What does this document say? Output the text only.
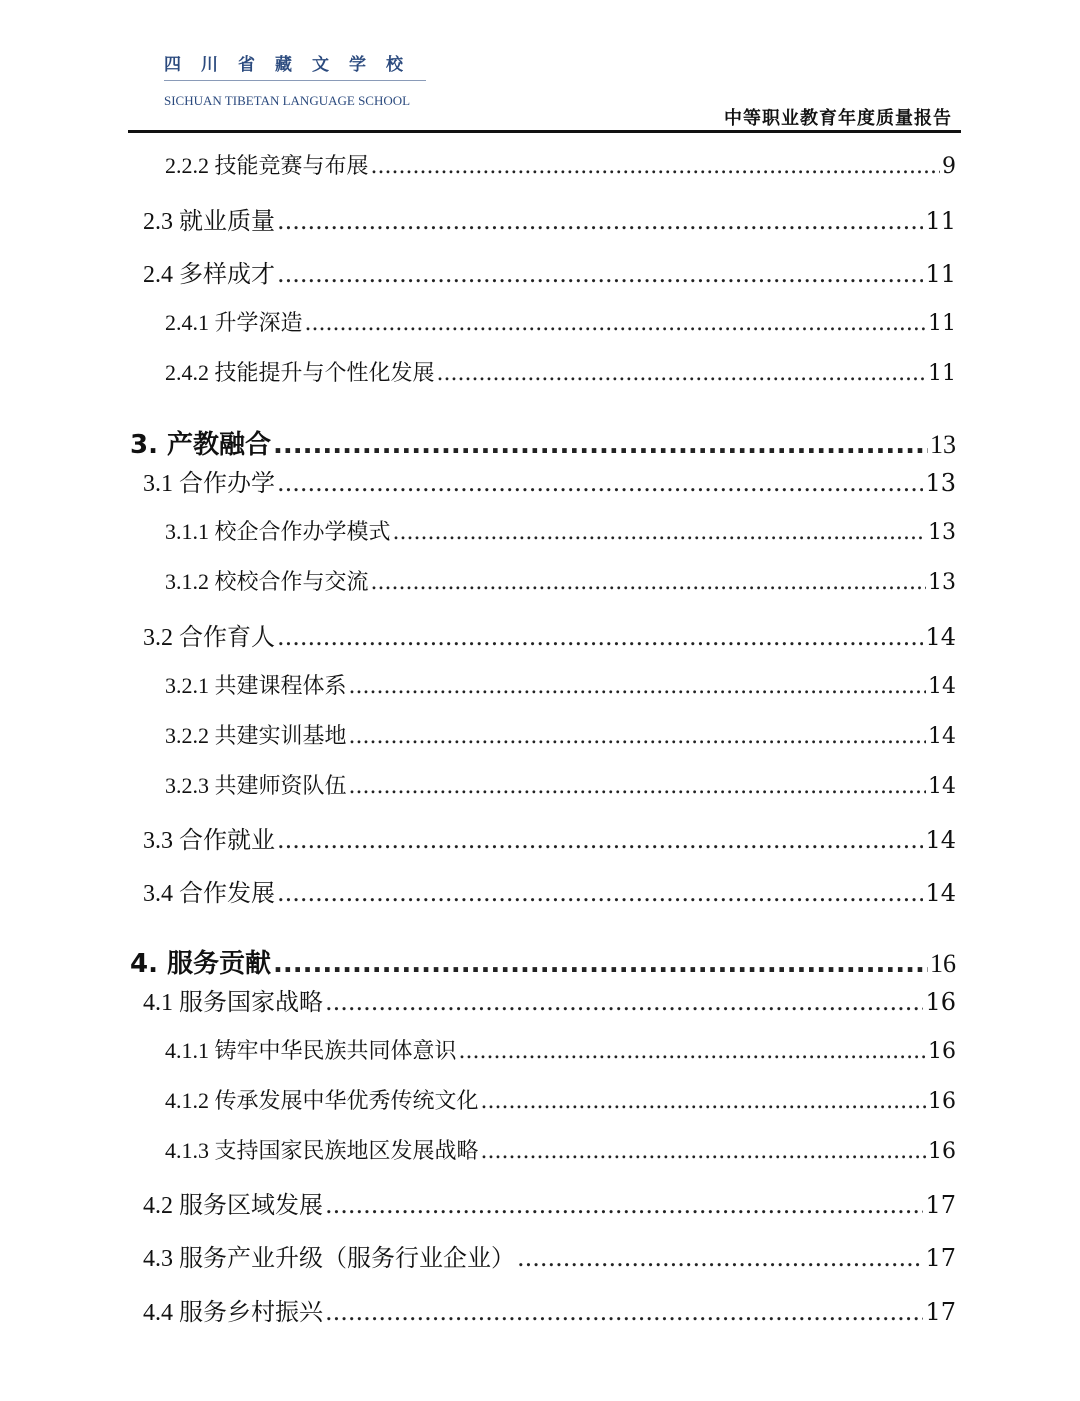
四川省藏文学校
SICHUAN TIBETAN LANGUAGE SCHOOL
中等职业教育年度质量报告
2.2.2 技能竞赛与布展 .....	9
2.3 就业质量 .....	11
2.4 多样成才 .....	11
2.4.1 升学深造 .....	11
2.4.2 技能提升与个性化发展 .....	11
3. 产教融合 .....	13
3.1 合作办学 .....	13
3.1.1 校企合作办学模式 .....	13
3.1.2 校校合作与交流 .....	13
3.2 合作育人 .....	14
3.2.1 共建课程体系 .....	14
3.2.2 共建实训基地 .....	14
3.2.3 共建师资队伍 .....	14
3.3 合作就业 .....	14
3.4 合作发展 .....	14
4. 服务贡献 .....	16
4.1 服务国家战略 .....	16
4.1.1 铸牢中华民族共同体意识 .....	16
4.1.2 传承发展中华优秀传统文化 .....	16
4.1.3 支持国家民族地区发展战略 .....	16
4.2 服务区域发展 .....	17
4.3 服务产业升级（服务行业企业） .....	17
4.4 服务乡村振兴 .....	17
